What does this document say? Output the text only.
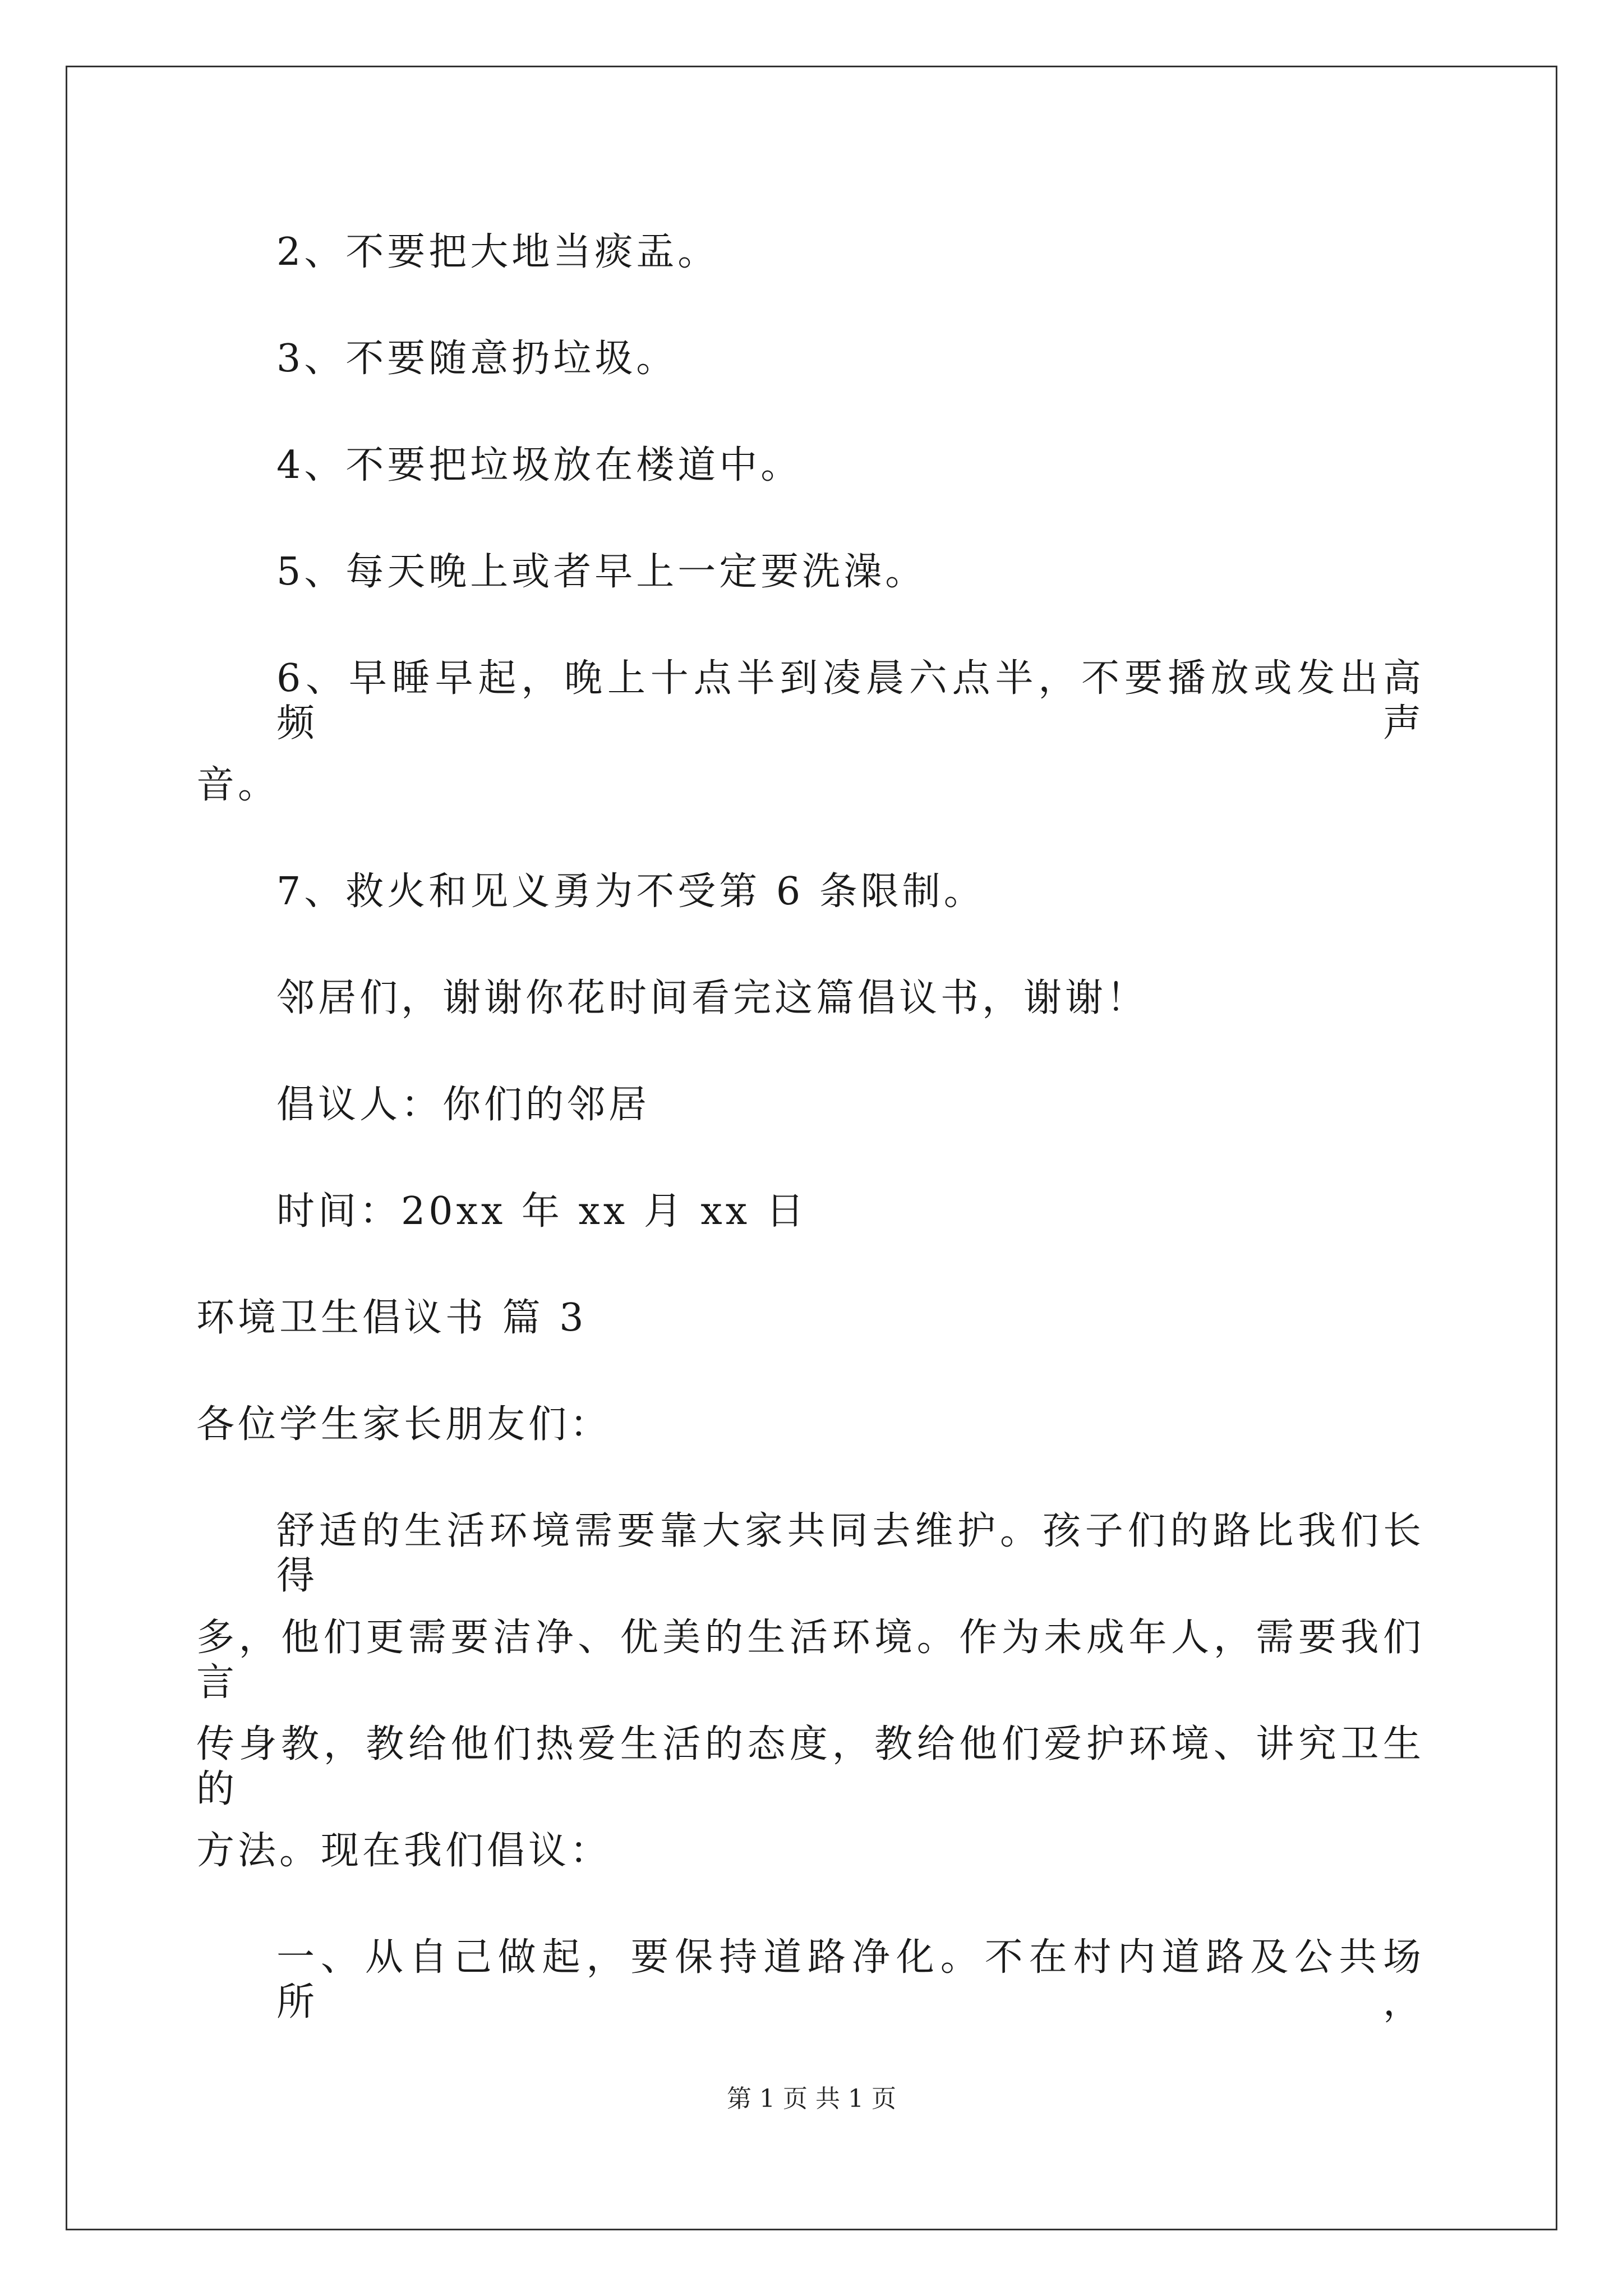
2、不要把大地当痰盂。
3、不要随意扔垃圾。
4、不要把垃圾放在楼道中。
5、每天晚上或者早上一定要洗澡。
6、早睡早起，晚上十点半到凌晨六点半，不要播放或发出高频声
音。
7、救火和见义勇为不受第 6 条限制。
邻居们，谢谢你花时间看完这篇倡议书，谢谢！
倡议人：你们的邻居
时间：20xx 年 xx 月 xx 日
环境卫生倡议书 篇 3
各位学生家长朋友们：
舒适的生活环境需要靠大家共同去维护。孩子们的路比我们长得
多，他们更需要洁净、优美的生活环境。作为未成年人，需要我们言
传身教，教给他们热爱生活的态度，教给他们爱护环境、讲究卫生的
方法。现在我们倡议：
一、从自己做起，要保持道路净化。不在村内道路及公共场所，
第 1 页 共 1 页
